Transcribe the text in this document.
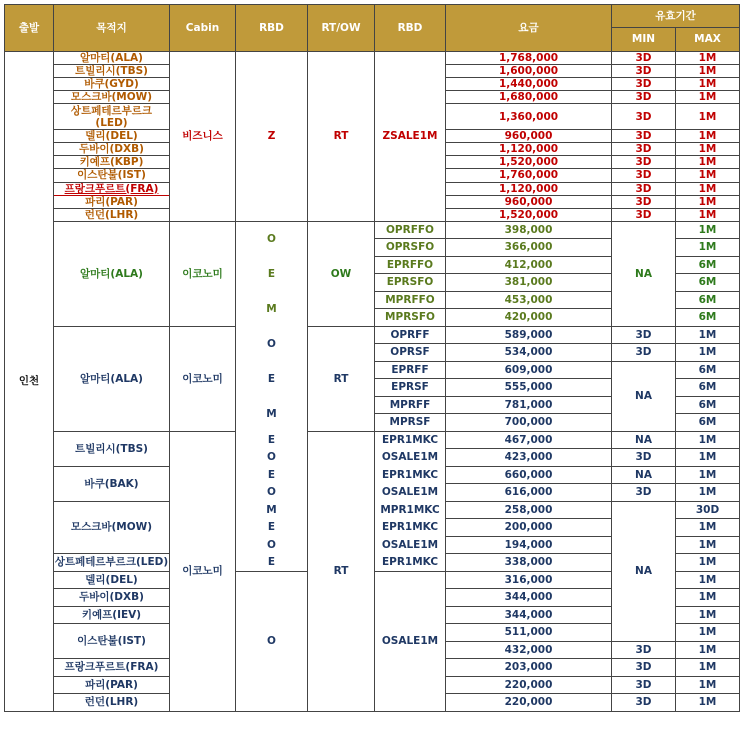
출발	목적지	Cabin	RBD	RT/OW	RBD	요금	유효기간	
							MIN	MAX
인천	알마티(ALA)	비즈니스	Z	RT	ZSALE1M	1,768,000	3D	1M
	트빌리시(TBS)					1,600,000	3D	1M
	바쿠(GYD)					1,440,000	3D	1M
	모스크바(MOW)					1,680,000	3D	1M
	상트페테르부르크 (LED)					1,360,000	3D	1M
	델리(DEL)					960,000	3D	1M
	두바이(DXB)					1,120,000	3D	1M
	키예프(KBP)					1,520,000	3D	1M
	이스탄불(IST)					1,760,000	3D	1M
	프랑크푸르트(FRA)					1,120,000	3D	1M
	파리(PAR)					960,000	3D	1M
	런던(LHR)					1,520,000	3D	1M
	알마티(ALA)	이코노미	O	OW	OPRFFO	398,000	NA	1M
					OPRSFO	366,000		1M
			E		EPRFFO	412,000		6M
					EPRSFO	381,000		6M
			M		MPRFFO	453,000		6M
					MPRSFO	420,000		6M
	알마티(ALA)	이코노미	O	RT	OPRFF	589,000	3D	1M
					OPRSF	534,000	3D	1M
			E		EPRFF	609,000	NA	6M
					EPRSF	555,000		6M
			M		MPRFF	781,000		6M
					MPRSF	700,000		6M
	트빌리시(TBS)	이코노미	E	RT	EPR1MKC	467,000	NA	1M
			O		OSALE1M	423,000	3D	1M
	바쿠(BAK)		E		EPR1MKC	660,000	NA	1M
			O		OSALE1M	616,000	3D	1M
	모스크바(MOW)		M		MPR1MKC	258,000	NA	30D
			E		EPR1MKC	200,000		1M
			O		OSALE1M	194,000		1M
	상트페테르부르크(LED)		E		EPR1MKC	338,000		1M
	델리(DEL)		O		OSALE1M	316,000		1M
	두바이(DXB)					344,000		1M
	키예프(IEV)					344,000		1M
	이스탄불(IST)					511,000		1M
						432,000	3D	1M
	프랑크푸르트(FRA)					203,000	3D	1M
	파리(PAR)					220,000	3D	1M
	런던(LHR)					220,000	3D	1M
